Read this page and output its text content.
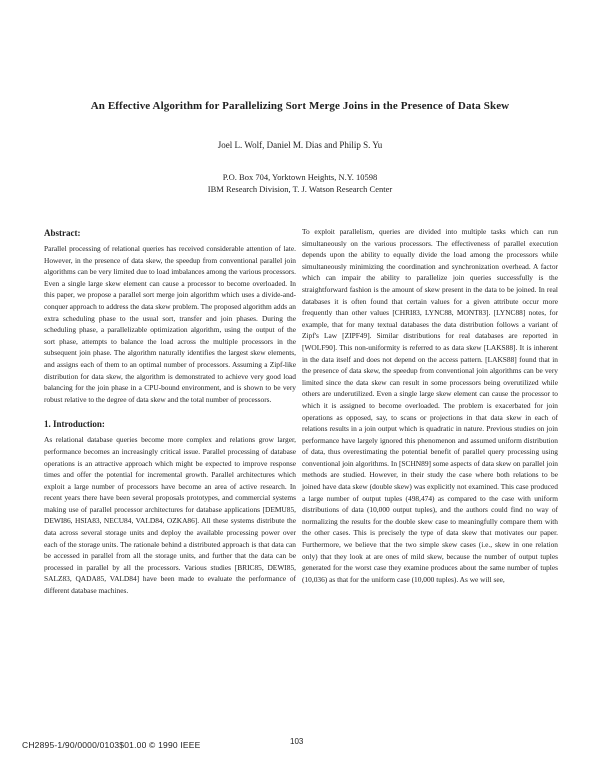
An Effective Algorithm for Parallelizing Sort Merge Joins in the Presence of Data Skew
Joel L. Wolf, Daniel M. Dias and Philip S. Yu
P.O. Box 704, Yorktown Heights, N.Y. 10598
IBM Research Division, T. J. Watson Research Center
Abstract:

Parallel processing of relational queries has received considerable attention of late. However, in the presence of data skew, the speedup from conventional parallel join algorithms can be very limited due to load imbalances among the various processors. Even a single large skew element can cause a processor to become overloaded. In this paper, we propose a parallel sort merge join algorithm which uses a divide-and-conquer approach to address the data skew problem. The proposed algorithm adds an extra scheduling phase to the usual sort, transfer and join phases. During the scheduling phase, a parallelizable optimization algorithm, using the output of the sort phase, attempts to balance the load across the multiple processors in the subsequent join phase. The algorithm naturally identifies the largest skew elements, and assigns each of them to an optimal number of processors. Assuming a Zipf-like distribution for data skew, the algorithm is demonstrated to achieve very good load balancing for the join phase in a CPU-bound environment, and is shown to be very robust relative to the degree of data skew and the total number of processors.

1. Introduction:

As relational database queries become more complex and relations grow larger, performance becomes an increasingly critical issue. Parallel processing of database operations is an attractive approach which might be expected to improve response times and offer the potential for incremental growth. Parallel architectures which exploit a large number of processors have become an area of active research. In recent years there have been several proposals prototypes, and commercial systems making use of parallel processor architectures for database applications [DEMU85, DEWI86, HSIA83, NECU84, VALD84, OZKA86]. All these systems distribute the data across several storage units and deploy the available processing power over each of the storage units. The rationale behind a distributed approach is that data can be accessed in parallel from all the storage units, and further that the data can be processed in parallel by all the processors. Various studies [BRIC85, DEWI85, SALZ83, QADA85, VALD84] have been made to evaluate the performance of different database machines.

To exploit parallelism, queries are divided into multiple tasks which can run simultaneously on the various processors. The effectiveness of parallel execution depends upon the ability to equally divide the load among the processors while simultaneously minimizing the coordination and synchronization overhead. A factor which can impair the ability to parallelize join queries successfully is the straightforward fashion is the amount of skew present in the data to be joined. In real databases it is often found that certain values for a given attribute occur more frequently than other values [CHRI83, LYNC88, MONT83]. [LYNC88] notes, for example, that for many textual databases the data distribution follows a variant of Zipf's Law [ZIPF49]. Similar distributions for real databases are reported in [WOLF90]. This non-uniformity is referred to as data skew [LAKS88]. It is inherent in the data itself and does not depend on the access pattern. [LAKS88] found that in the presence of data skew, the speedup from conventional join algorithms can be very limited since the data skew can result in some processors being overutilized while others are underutilized. Even a single large skew element can cause the processor to which it is assigned to become overloaded. The problem is exacerbated for join operations as opposed, say, to scans or projections in that data skew in each of relations results in a join output which is quadratic in nature. Previous studies on join performance have largely ignored this phenomenon and assumed uniform distribution of data, thus overestimating the potential benefit of parallel query processing using conventional join algorithms. In [SCHN89] some aspects of data skew on parallel join methods are studied. However, in their study the case where both relations to be joined have data skew (double skew) was explicitly not examined. This case produced a large number of output tuples (498,474) as compared to the case with uniform distributions of data (10,000 output tuples), and the authors could find no way of normalizing the results for the double skew case to meaningfully compare them with the other cases. This is precisely the type of data skew that motivates our paper. Furthermore, we believe that the two simple skew cases (i.e., skew in one relation only) that they look at are ones of mild skew, because the number of output tuples generated for the worst case they examine produces about the same number of tuples (10,036) as that for the uniform case (10,000 tuples). As we will see,

CH2895-1/90/0000/0103$01.00 © 1990 IEEE	103
